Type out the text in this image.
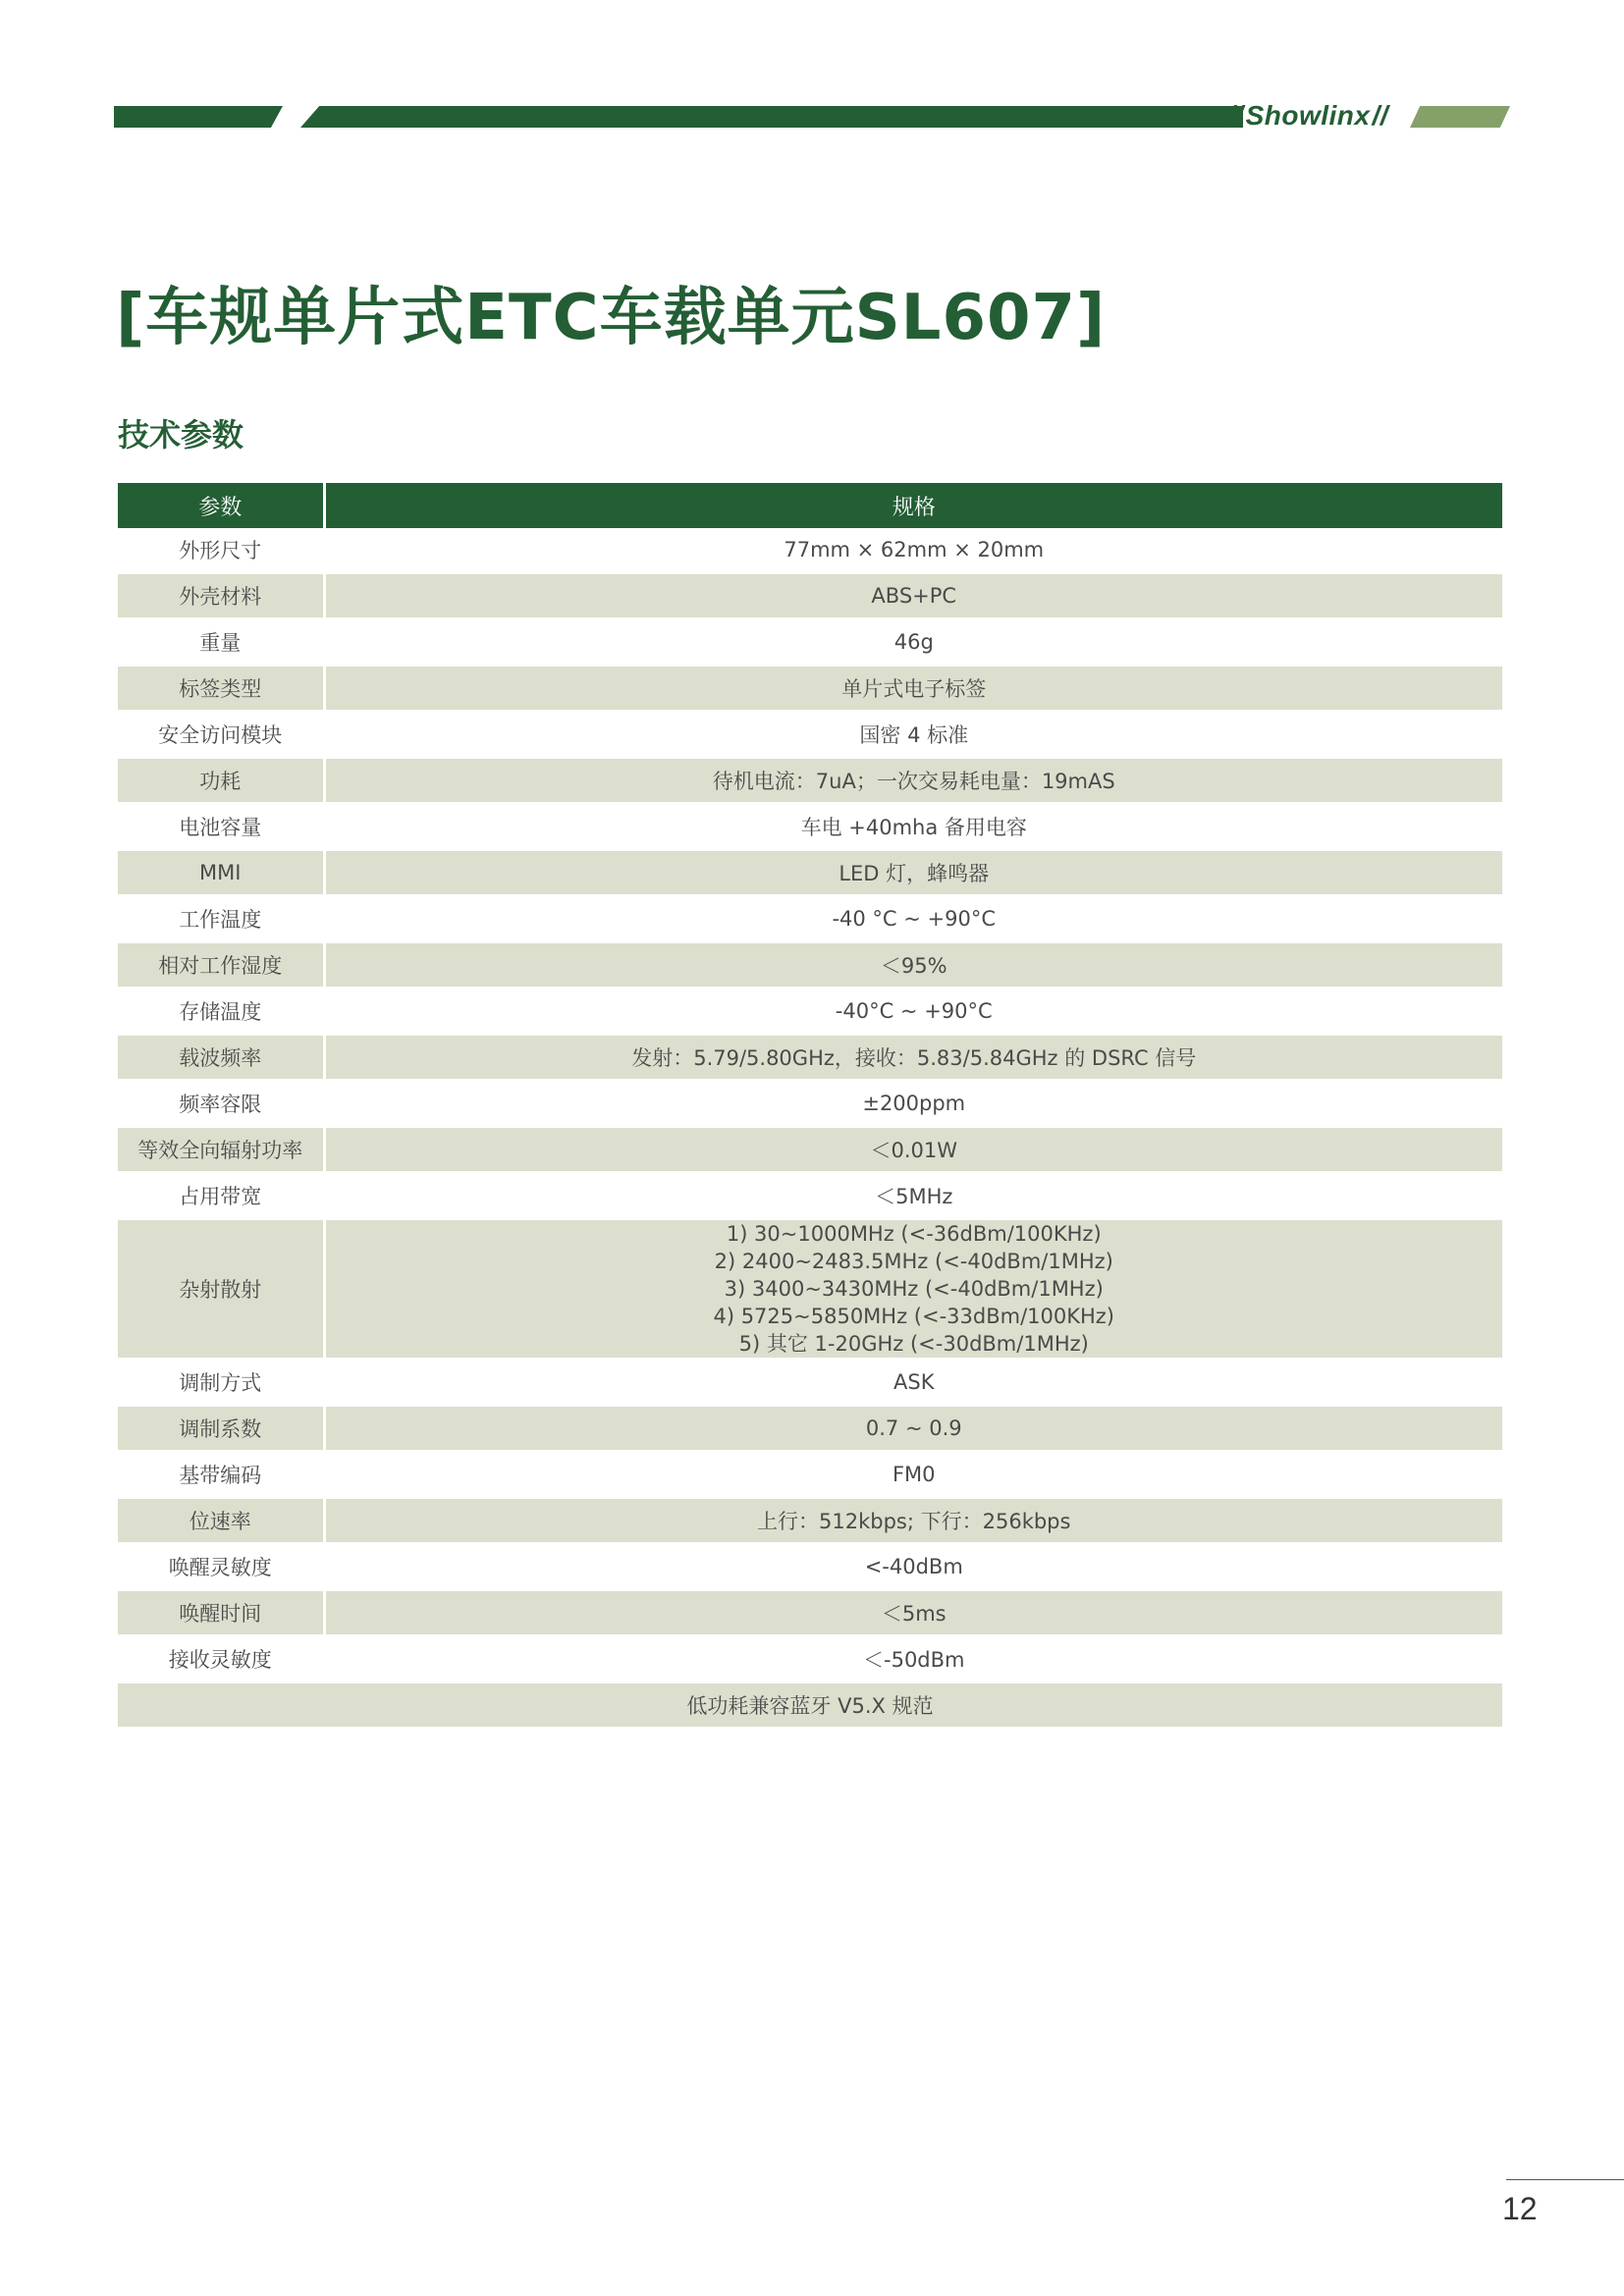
// Showlinx //
[车规单片式ETC车载单元SL607]
技术参数
参数	规格
外形尺寸	77mm × 62mm × 20mm
外壳材料	ABS+PC
重量	46g
标签类型	单片式电子标签
安全访问模块	国密 4 标准
功耗	待机电流：7uA；一次交易耗电量：19mAS
电池容量	车电 +40mha 备用电容
MMI	LED 灯，蜂鸣器
工作温度	-40 °C ~ +90°C
相对工作湿度	＜95%
存储温度	-40°C ~ +90°C
载波频率	发射：5.79/5.80GHz，接收：5.83/5.84GHz 的 DSRC 信号
频率容限	±200ppm
等效全向辐射功率	＜0.01W
占用带宽	＜5MHz
杂射散射	1) 30~1000MHz (<-36dBm/100KHz)
2) 2400~2483.5MHz (<-40dBm/1MHz)
3) 3400~3430MHz (<-40dBm/1MHz)
4) 5725~5850MHz (<-33dBm/100KHz)
5) 其它 1-20GHz (<-30dBm/1MHz)

调制方式	ASK
调制系数	0.7 ~ 0.9
基带编码	FM0
位速率	上行：512kbps; 下行：256kbps
唤醒灵敏度	<-40dBm
唤醒时间	＜5ms
接收灵敏度	＜-50dBm
低功耗兼容蓝牙 V5.X 规范	
12
